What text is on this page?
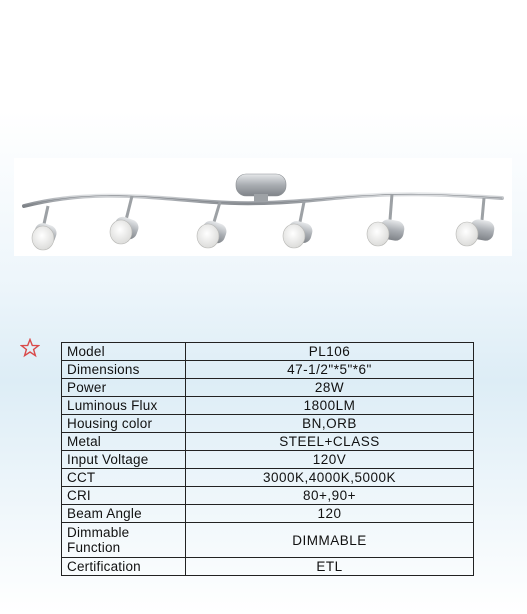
Model	PL106
Dimensions	47-1/2"*5"*6"
Power	28W
Luminous Flux	1800LM
Housing color	BN,ORB
Metal	STEEL+CLASS
Input Voltage	120V
CCT	3000K,4000K,5000K
CRI	80+,90+
Beam Angle	120
Dimmable Function	DIMMABLE
Certification	ETL
